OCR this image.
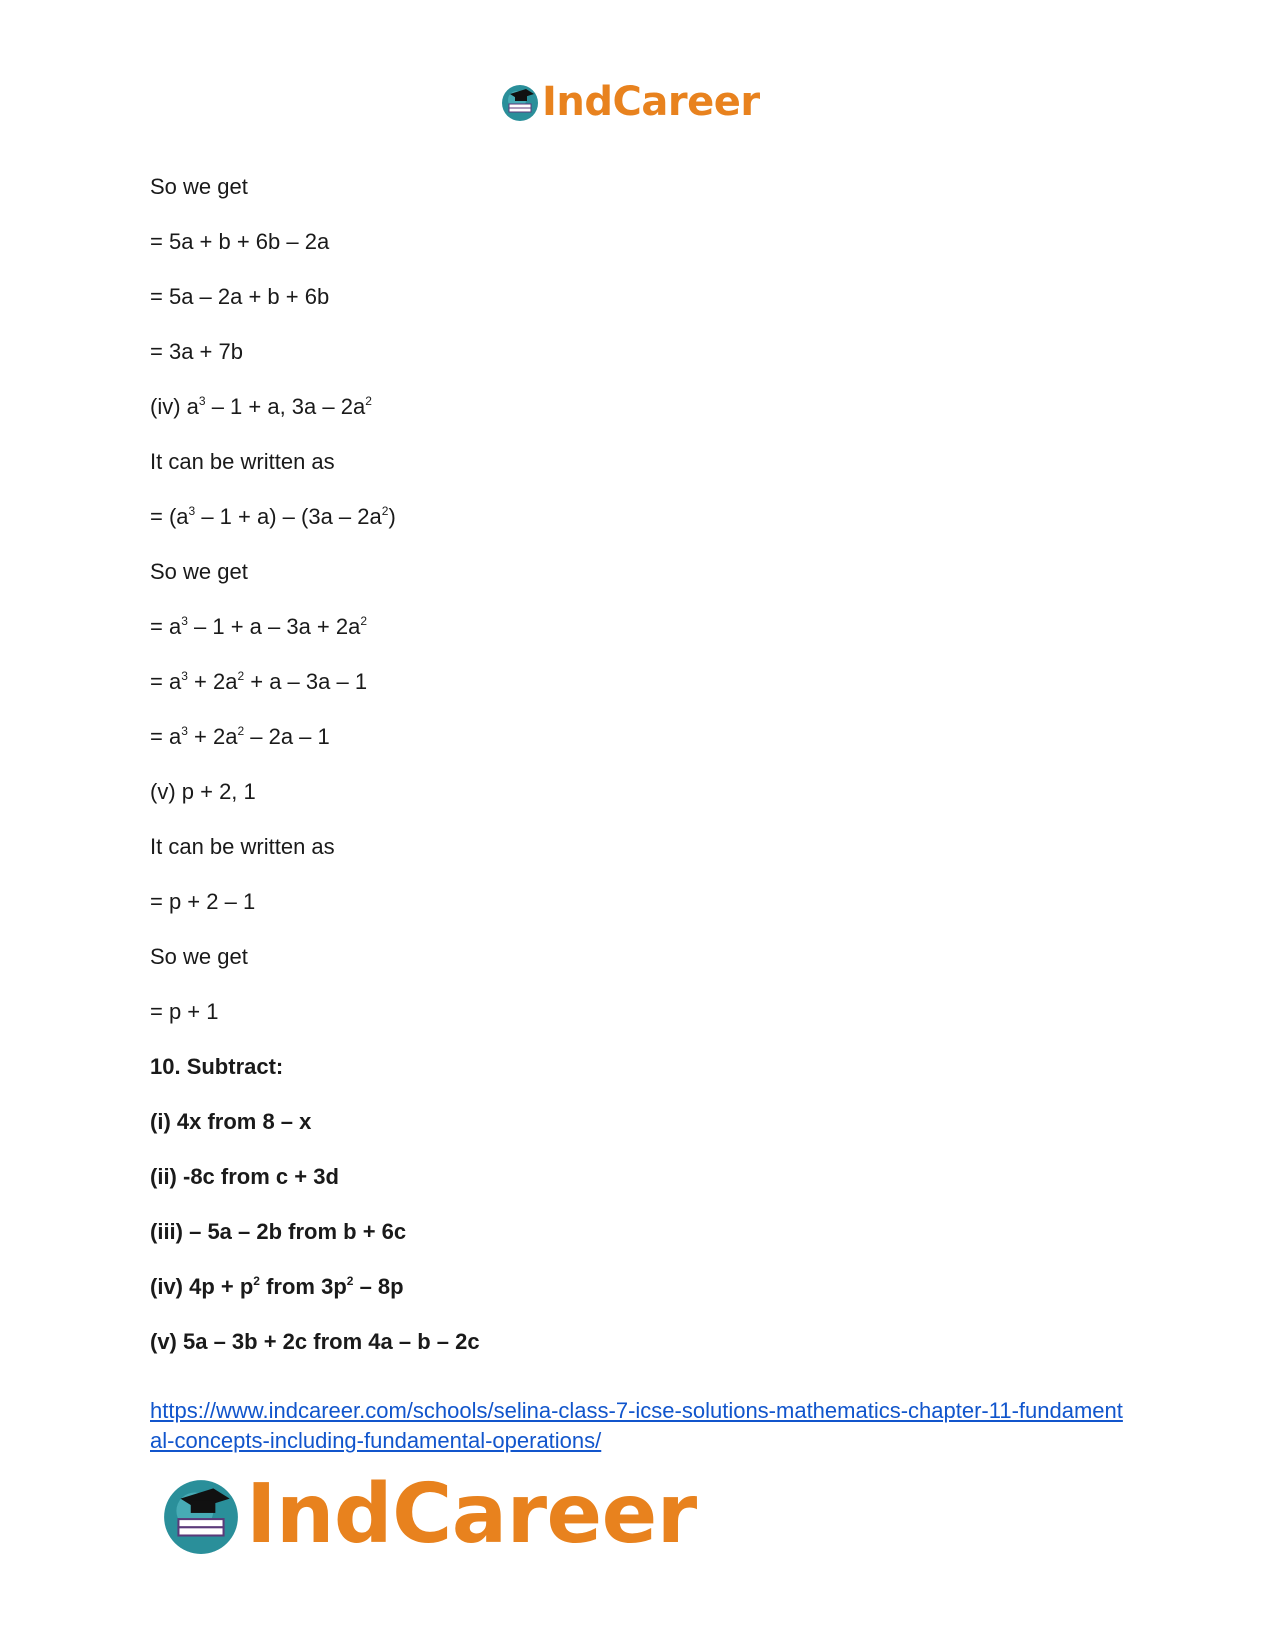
IndCareer
So we get
= 5a + b + 6b – 2a
= 5a – 2a + b + 6b
= 3a + 7b
(iv) $a^3 - 1 + a$, $3a - 2a^2$
It can be written as
= $(a^3 - 1 + a) - (3a - 2a^2)$
So we get
= $a^3 - 1 + a - 3a + 2a^2$
= $a^3 + 2a^2 + a - 3a - 1$
= $a^3 + 2a^2 - 2a - 1$
(v) p + 2, 1
It can be written as
= p + 2 – 1
So we get
= p + 1
10. Subtract:
(i) 4x from 8 – x
(ii) -8c from c + 3d
(iii) – 5a – 2b from b + 6c
(iv) $4p + p^2$ from $3p^2 - 8p$
(v) 5a – 3b + 2c from 4a – b – 2c
https://www.indcareer.com/schools/selina-class-7-icse-solutions-mathematics-chapter-11-fundamental-concepts-including-fundamental-operations/
IndCareer
